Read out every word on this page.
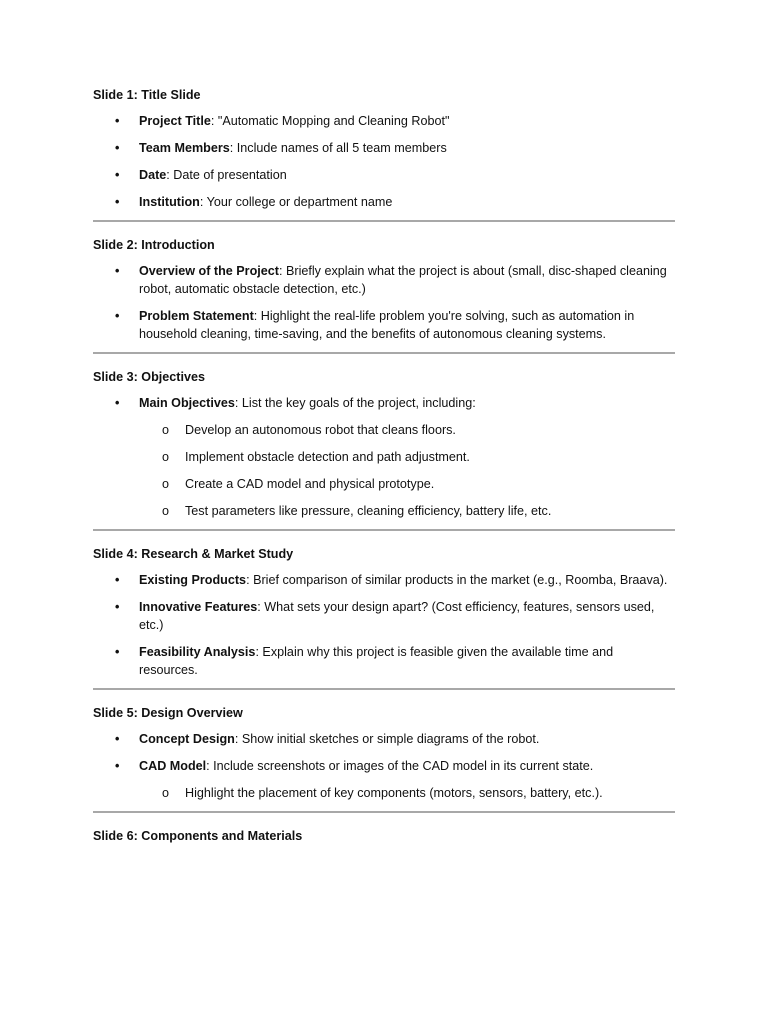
Slide 1: Title Slide

• Project Title: "Automatic Mopping and Cleaning Robot"
• Team Members: Include names of all 5 team members
• Date: Date of presentation
• Institution: Your college or department name

Slide 2: Introduction

• Overview of the Project: Briefly explain what the project is about (small, disc-shaped cleaning robot, automatic obstacle detection, etc.)
• Problem Statement: Highlight the real-life problem you're solving, such as automation in household cleaning, time-saving, and the benefits of autonomous cleaning systems.

Slide 3: Objectives

• Main Objectives: List the key goals of the project, including:
o Develop an autonomous robot that cleans floors.
o Implement obstacle detection and path adjustment.
o Create a CAD model and physical prototype.
o Test parameters like pressure, cleaning efficiency, battery life, etc.

Slide 4: Research & Market Study

• Existing Products: Brief comparison of similar products in the market (e.g., Roomba, Braava).
• Innovative Features: What sets your design apart? (Cost efficiency, features, sensors used, etc.)
• Feasibility Analysis: Explain why this project is feasible given the available time and resources.

Slide 5: Design Overview

• Concept Design: Show initial sketches or simple diagrams of the robot.
• CAD Model: Include screenshots or images of the CAD model in its current state.
o Highlight the placement of key components (motors, sensors, battery, etc.).

Slide 6: Components and Materials
